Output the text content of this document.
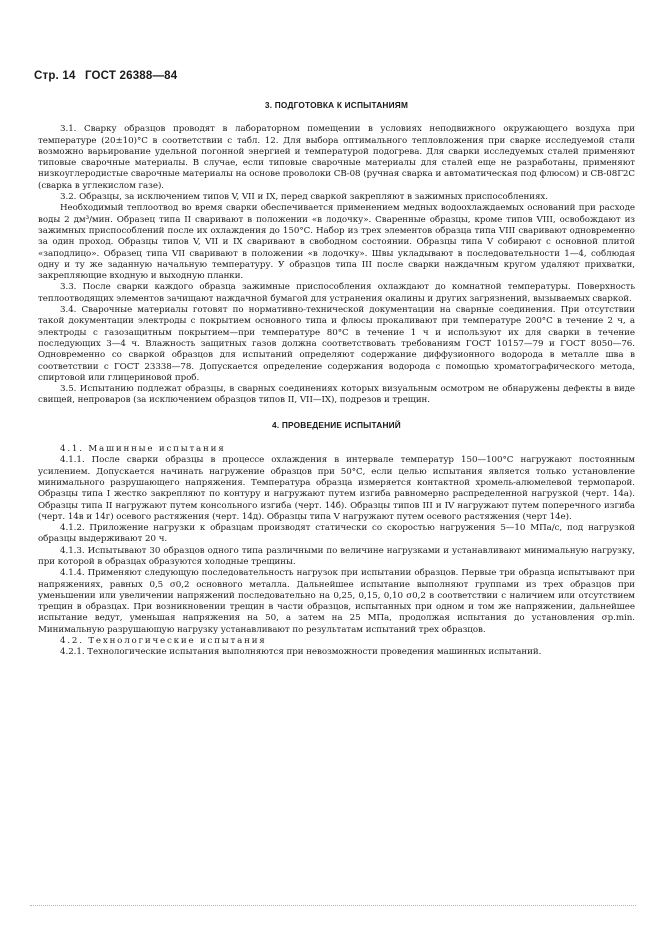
Стр. 14 ГОСТ 26388—84
3. ПОДГОТОВКА К ИСПЫТАНИЯМ

3.1. Сварку образцов проводят в лабораторном помещении в условиях неподвижного окружающего воздуха при температуре (20±10)°С в соответствии с табл. 12. Для выбора оптимального тепловложения при сварке исследуемой стали возможно варьирование удельной погонной энергией и температурой подогрева. Для сварки исследуемых сталей применяют типовые сварочные материалы. В случае, если типовые сварочные материалы для сталей еще не разработаны, применяют низкоуглеродистые сварочные материалы на основе проволоки СВ-08 (ручная сварка и автоматическая под флюсом) и СВ-08Г2С (сварка в углекислом газе).

3.2. Образцы, за исключением типов V, VII и IX, перед сваркой закрепляют в зажимных приспособлениях.

Необходимый теплоотвод во время сварки обеспечивается применением медных водоохлаждаемых оснований при расходе воды 2 дм³/мин. Образец типа II сваривают в положении «в лодочку». Сваренные образцы, кроме типов VIII, освобождают из зажимных приспособлений после их охлаждения до 150°С. Набор из трех элементов образца типа VIII сваривают одновременно за один проход. Образцы типов V, VII и IX сваривают в свободном состоянии. Образцы типа V собирают с основной плитой «заподлицо». Образец типа VII сваривают в положении «в лодочку». Швы укладывают в последовательности 1—4, соблюдая одну и ту же заданную начальную температуру. У образцов типа III после сварки наждачным кругом удаляют прихватки, закрепляющие входную и выходную планки.

3.3. После сварки каждого образца зажимные приспособления охлаждают до комнатной температуры. Поверхность теплоотводящих элементов зачищают наждачной бумагой для устранения окалины и других загрязнений, вызываемых сваркой.

3.4. Сварочные материалы готовят по нормативно-технической документации на сварные соединения. При отсутствии такой документации электроды с покрытием основного типа и флюсы прокаливают при температуре 200°С в течение 2 ч, а электроды с газозащитным покрытием—при температуре 80°С в течение 1 ч и используют их для сварки в течение последующих 3—4 ч. Влажность защитных газов должна соответствовать требованиям ГОСТ 10157—79 и ГОСТ 8050—76. Одновременно со сваркой образцов для испытаний определяют содержание диффузионного водорода в металле шва в соответствии с ГОСТ 23338—78. Допускается определение содержания водорода с помощью хроматографического метода, спиртовой или глицериновой проб.

3.5. Испытанию подлежат образцы, в сварных соединениях которых визуальным осмотром не обнаружены дефекты в виде свищей, непроваров (за исключением образцов типов II, VII—IX), подрезов и трещин.

4. ПРОВЕДЕНИЕ ИСПЫТАНИЙ

4.1. Машинные испытания

4.1.1. После сварки образцы в процессе охлаждения в интервале температур 150—100°С нагружают постоянным усилением. Допускается начинать нагружение образцов при 50°С, если целью испытания является только установление минимального разрушающего напряжения. Температура образца измеряется контактной хромель-алюмелевой термопарой. Образцы типа I жестко закрепляют по контуру и нагружают путем изгиба равномерно распределенной нагрузкой (черт. 14а). Образцы типа II нагружают путем консольного изгиба (черт. 14б). Образцы типов III и IV нагружают путем поперечного изгиба (черт. 14в и 14г) осевого растяжения (черт. 14д). Образцы типа V нагружают путем осевого растяжения (черт 14е).

4.1.2. Приложение нагрузки к образцам производят статически со скоростью нагружения 5—10 МПа/с, под нагрузкой образцы выдерживают 20 ч.

4.1.3. Испытывают 30 образцов одного типа различными по величине нагрузками и устанавливают минимальную нагрузку, при которой в образцах образуются холодные трещины.

4.1.4. Применяют следующую последовательность нагрузок при испытании образцов. Первые три образца испытывают при напряжениях, равных 0,5 σ0,2 основного металла. Дальнейшее испытание выполняют группами из трех образцов при уменьшении или увеличении напряжений последовательно на 0,25, 0,15, 0,10 σ0,2 в соответствии с наличием или отсутствием трещин в образцах. При возникновении трещин в части образцов, испытанных при одном и том же напряжении, дальнейшее испытание ведут, уменьшая напряжения на 50, а затем на 25 МПа, продолжая испытания до установления σр.min. Минимальную разрушающую нагрузку устанавливают по результатам испытаний трех образцов.

4.2. Технологические испытания

4.2.1. Технологические испытания выполняются при невозможности проведения машинных испытаний.
